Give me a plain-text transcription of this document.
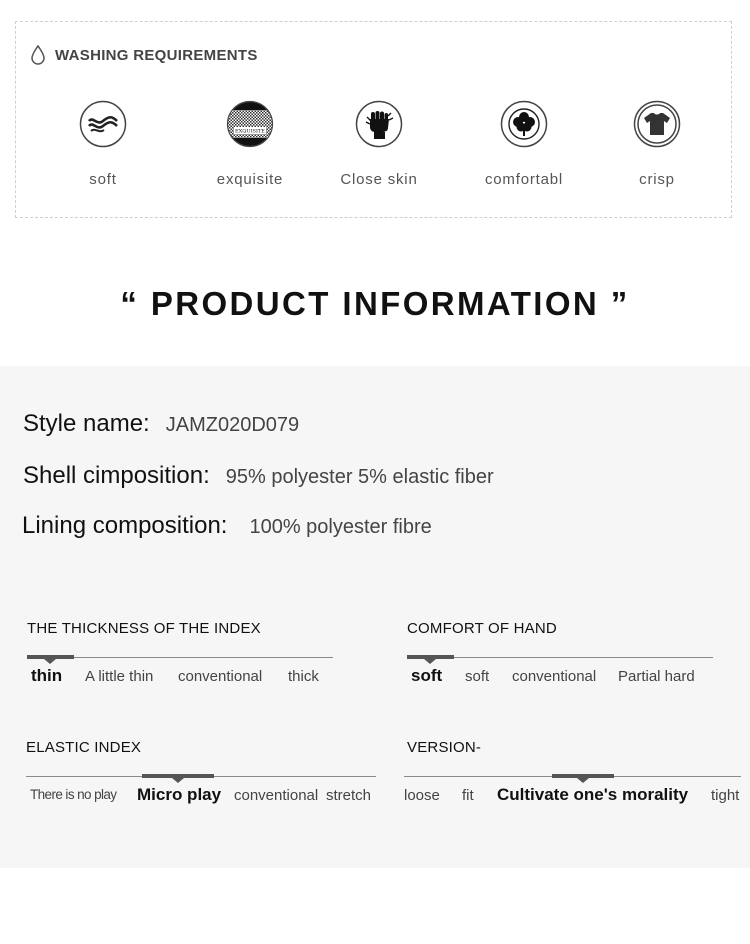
WASHING REQUIREMENTS
soft
EXQUISITE
exquisite	Close skin	comfortabl	crisp
“ PRODUCT INFORMATION ”
Style name: JAMZ020D079
Shell cimposition: 95% polyester 5% elastic fiber
Lining composition: 100% polyester fibre
THE THICKNESS OF THE INDEX
thin A little thin conventional thick
COMFORT OF HAND
soft soft conventional Partial hard
ELASTIC INDEX
There is no play Micro play conventional stretch
VERSION-
loose fit Cultivate one's morality tight
